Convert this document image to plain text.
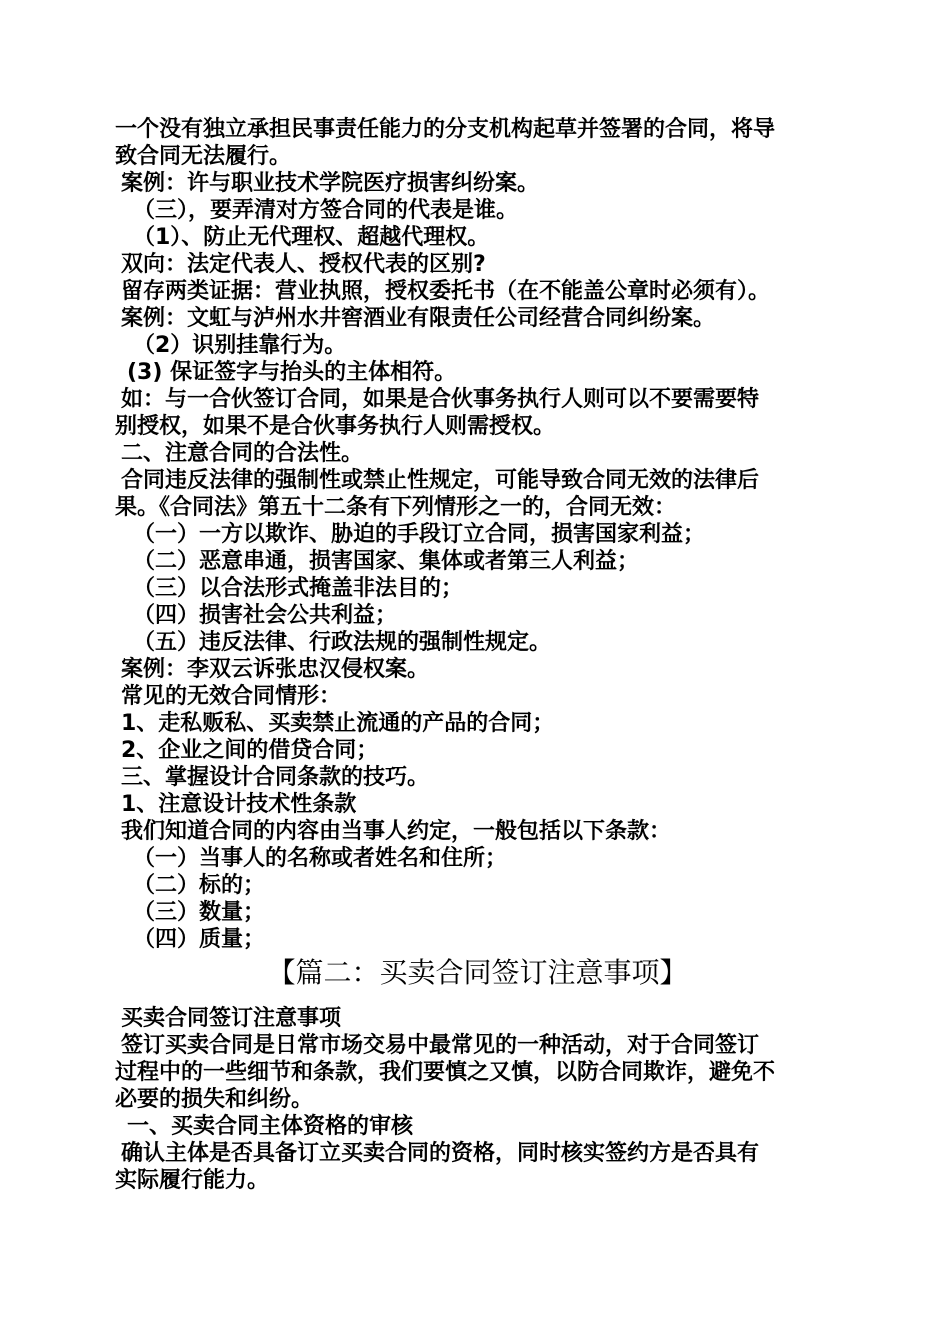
一个没有独立承担民事责任能力的分支机构起草并签署的合同，将导
致合同无法履行。
案例：许与职业技术学院医疗损害纠纷案。
（三），要弄清对方签合同的代表是谁。
（1）、防止无代理权、超越代理权。
双向：法定代表人、授权代表的区别?
留存两类证据：营业执照，授权委托书（在不能盖公章时必须有）。
案例：文虹与泸州水井窖酒业有限责任公司经营合同纠纷案。
（2）识别挂靠行为。
(3) 保证签字与抬头的主体相符。
如：与一合伙签订合同，如果是合伙事务执行人则可以不要需要特
别授权，如果不是合伙事务执行人则需授权。
二、注意合同的合法性。
合同违反法律的强制性或禁止性规定，可能导致合同无效的法律后
果。《合同法》第五十二条有下列情形之一的，合同无效：
（一）一方以欺诈、胁迫的手段订立合同，损害国家利益；
（二）恶意串通，损害国家、集体或者第三人利益；
（三）以合法形式掩盖非法目的；
（四）损害社会公共利益；
（五）违反法律、行政法规的强制性规定。
案例：李双云诉张忠汉侵权案。
常见的无效合同情形：
1、走私贩私、买卖禁止流通的产品的合同；
2、企业之间的借贷合同；
三、掌握设计合同条款的技巧。
1、注意设计技术性条款
我们知道合同的内容由当事人约定，一般包括以下条款：
（一）当事人的名称或者姓名和住所；
（二）标的；
（三）数量；
（四）质量；
【篇二：买卖合同签订注意事项】
买卖合同签订注意事项
签订买卖合同是日常市场交易中最常见的一种活动，对于合同签订
过程中的一些细节和条款，我们要慎之又慎，以防合同欺诈，避免不
必要的损失和纠纷。
一、买卖合同主体资格的审核
确认主体是否具备订立买卖合同的资格，同时核实签约方是否具有
实际履行能力。
